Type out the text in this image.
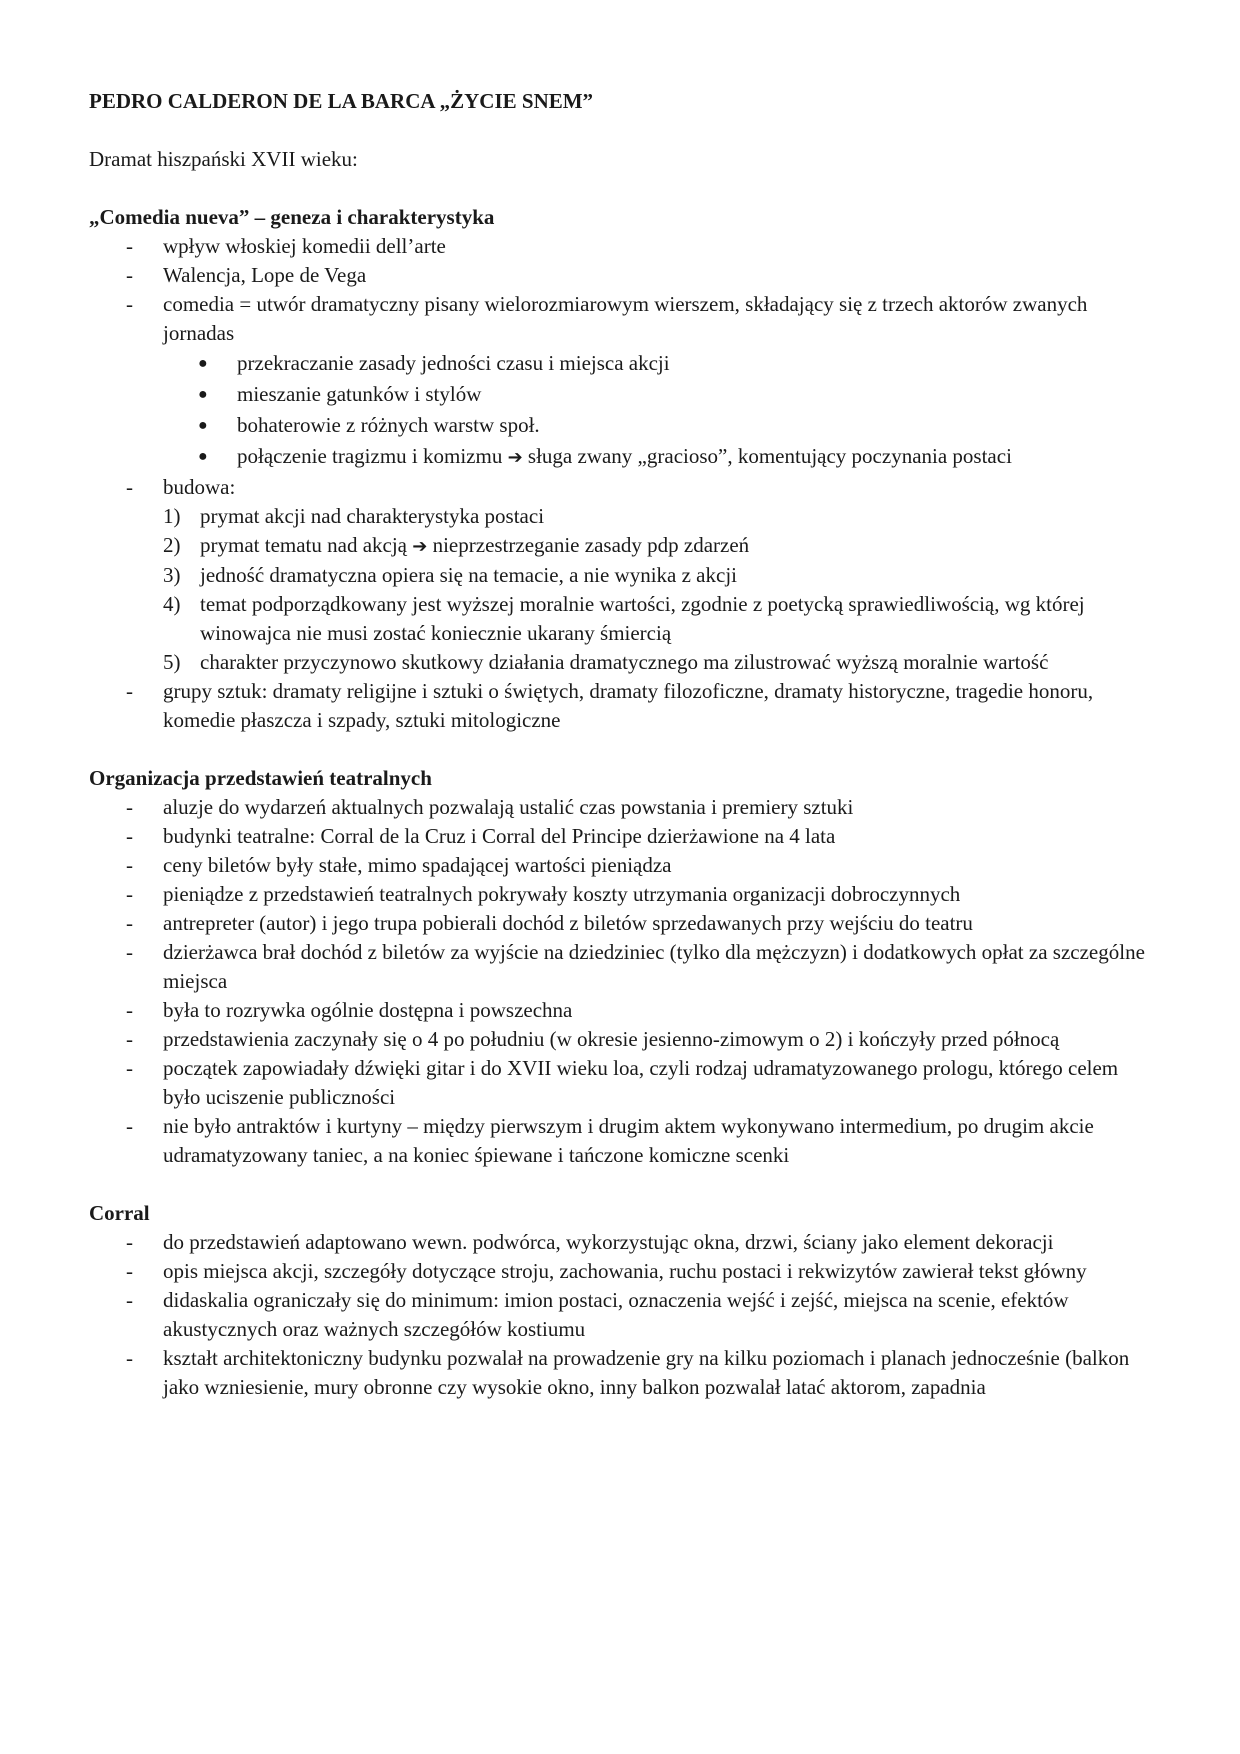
PEDRO CALDERON DE LA BARCA „ŻYCIE SNEM”

Dramat hiszpański XVII wieku:

„Comedia nueva” – geneza i charakterystyka

- wpływ włoskiej komedii dell’arte
- Walencja, Lope de Vega
- comedia = utwór dramatyczny pisany wielorozmiarowym wierszem, składający się z trzech aktorów zwanych jornadas
● przekraczanie zasady jedności czasu i miejsca akcji
● mieszanie gatunków i stylów
● bohaterowie z różnych warstw społ.
● połączenie tragizmu i komizmu ➔ sługa zwany „gracioso”, komentujący poczynania postaci
- budowa:
1) prymat akcji nad charakterystyka postaci
2) prymat tematu nad akcją ➔ nieprzestrzeganie zasady pdp zdarzeń
3) jedność dramatyczna opiera się na temacie, a nie wynika z akcji
4) temat podporządkowany jest wyższej moralnie wartości, zgodnie z poetycką sprawiedliwością, wg której winowajca nie musi zostać koniecznie ukarany śmiercią
5) charakter przyczynowo skutkowy działania dramatycznego ma zilustrować wyższą moralnie wartość
- grupy sztuk: dramaty religijne i sztuki o świętych, dramaty filozoficzne, dramaty historyczne, tragedie honoru, komedie płaszcza i szpady, sztuki mitologiczne

Organizacja przedstawień teatralnych

- aluzje do wydarzeń aktualnych pozwalają ustalić czas powstania i premiery sztuki
- budynki teatralne: Corral de la Cruz i Corral del Principe dzierżawione na 4 lata
- ceny biletów były stałe, mimo spadającej wartości pieniądza
- pieniądze z przedstawień teatralnych pokrywały koszty utrzymania organizacji dobroczynnych
- antrepreter (autor) i jego trupa pobierali dochód z biletów sprzedawanych przy wejściu do teatru
- dzierżawca brał dochód z biletów za wyjście na dziedziniec (tylko dla mężczyzn) i dodatkowych opłat za szczególne miejsca
- była to rozrywka ogólnie dostępna i powszechna
- przedstawienia zaczynały się o 4 po południu (w okresie jesienno-zimowym o 2) i kończyły przed północą
- początek zapowiadały dźwięki gitar i do XVII wieku loa, czyli rodzaj udramatyzowanego prologu, którego celem było uciszenie publiczności
- nie było antraktów i kurtyny – między pierwszym i drugim aktem wykonywano intermedium, po drugim akcie udramatyzowany taniec, a na koniec śpiewane i tańczone komiczne scenki

Corral

- do przedstawień adaptowano wewn. podwórca, wykorzystując okna, drzwi, ściany jako element dekoracji
- opis miejsca akcji, szczegóły dotyczące stroju, zachowania, ruchu postaci i rekwizytów zawierał tekst główny
- didaskalia ograniczały się do minimum: imion postaci, oznaczenia wejść i zejść, miejsca na scenie, efektów akustycznych oraz ważnych szczegółów kostiumu
- kształt architektoniczny budynku pozwalał na prowadzenie gry na kilku poziomach i planach jednocześnie (balkon jako wzniesienie, mury obronne czy wysokie okno, inny balkon pozwalał latać aktorom, zapadnia
